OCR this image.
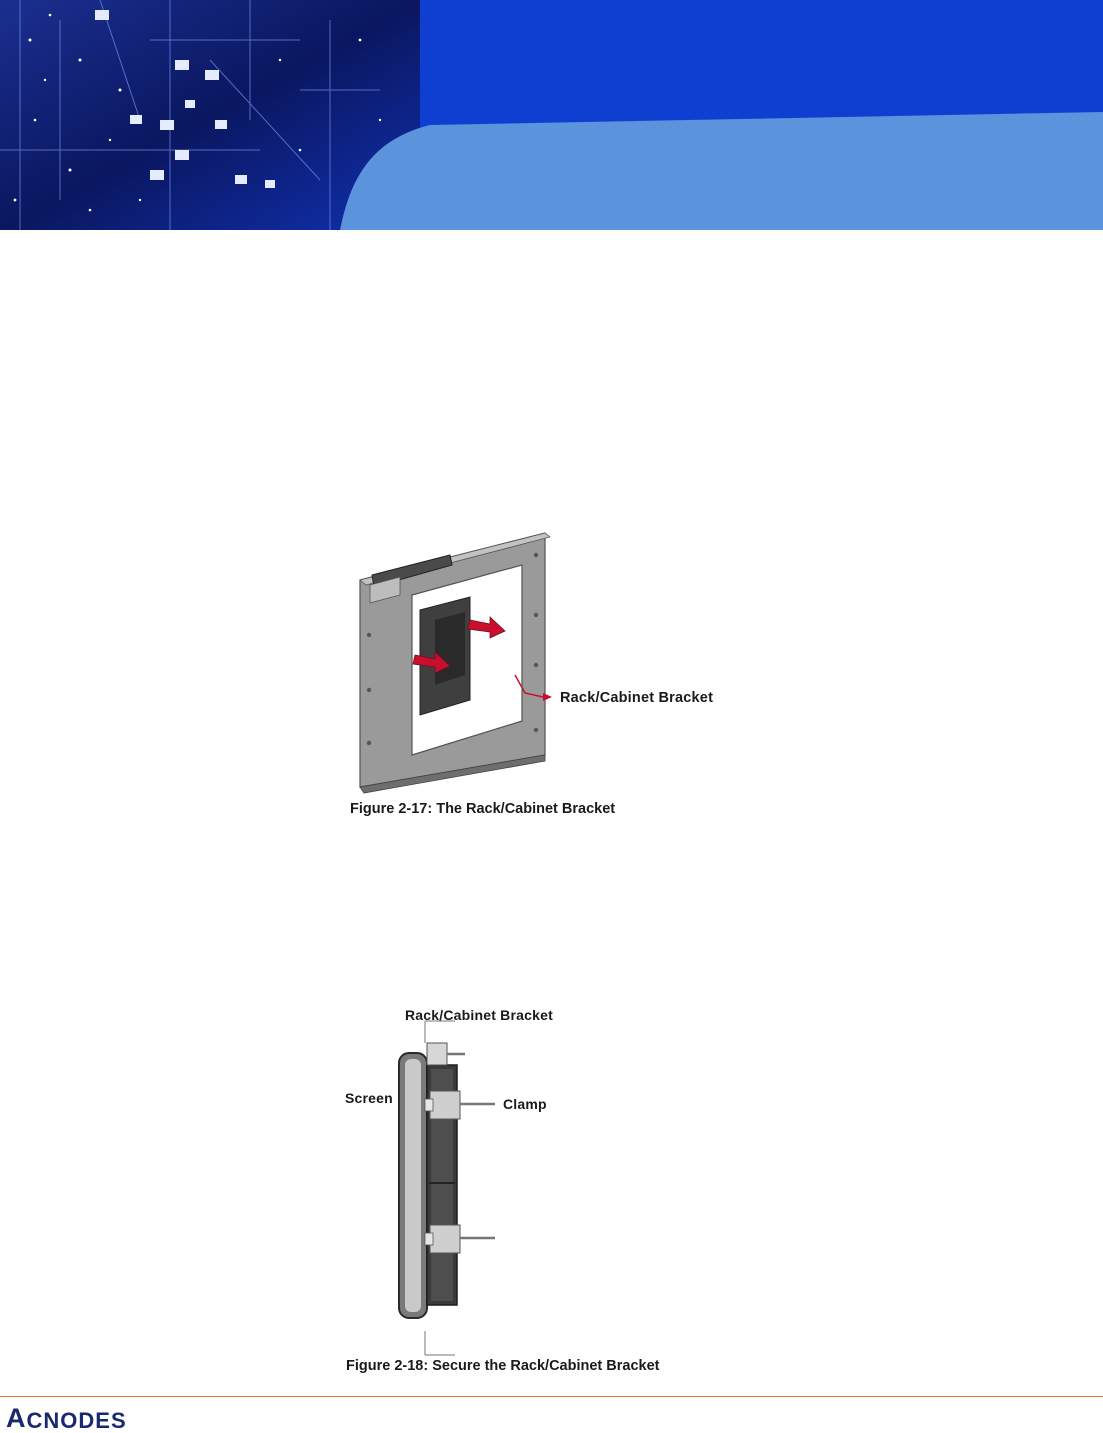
Rack/Cabinet Bracket
Figure 2-17: The Rack/Cabinet Bracket
Rack/Cabinet Bracket
Screen	Clamp
Figure 2-18: Secure the Rack/Cabinet Bracket
A CNODES
